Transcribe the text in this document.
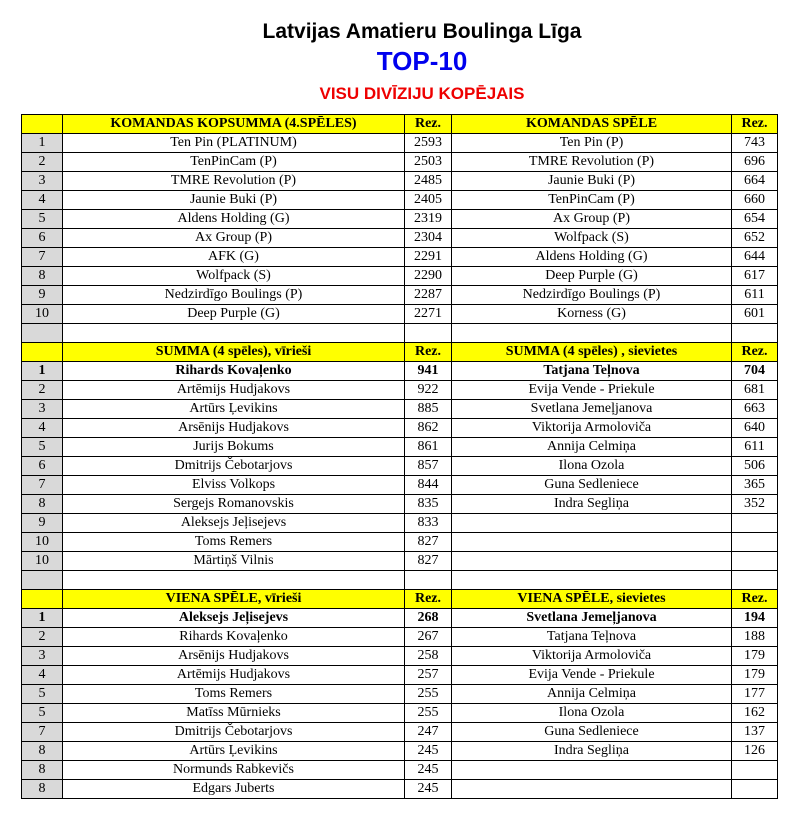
Latvijas Amatieru Boulinga Līga
TOP-10
VISU DIVĪZIJU KOPĒJAIS
	KOMANDAS KOPSUMMA (4.SPĒLES)	Rez.	KOMANDAS SPĒLE	Rez.
1	Ten Pin (PLATINUM)	2593	Ten Pin (P)	743
2	TenPinCam (P)	2503	TMRE Revolution (P)	696
3	TMRE Revolution (P)	2485	Jaunie Buki (P)	664
4	Jaunie Buki (P)	2405	TenPinCam (P)	660
5	Aldens Holding (G)	2319	Ax Group (P)	654
6	Ax Group (P)	2304	Wolfpack (S)	652
7	AFK (G)	2291	Aldens Holding (G)	644
8	Wolfpack (S)	2290	Deep Purple (G)	617
9	Nedzirdīgo Boulings (P)	2287	Nedzirdīgo Boulings (P)	611
10	Deep Purple (G)	2271	Korness (G)	601

	SUMMA (4 spēles), vīrieši	Rez.	SUMMA (4 spēles) , sievietes	Rez.
1	Rihards Kovaļenko	941	Tatjana Teļnova	704
2	Artēmijs Hudjakovs	922	Evija Vende - Priekule	681
3	Artūrs Ļevikins	885	Svetlana Jemeļjanova	663
4	Arsēnijs Hudjakovs	862	Viktorija Armoloviča	640
5	Jurijs Bokums	861	Annija Celmiņa	611
6	Dmitrijs Čebotarjovs	857	Ilona Ozola	506
7	Elviss Volkops	844	Guna Sedleniece	365
8	Sergejs Romanovskis	835	Indra Segliņa	352
9	Aleksejs Jeļisejevs	833		
10	Toms Remers	827		
10	Mārtiņš Vilnis	827		

	VIENA SPĒLE, vīrieši	Rez.	VIENA SPĒLE, sievietes	Rez.
1	Aleksejs Jeļisejevs	268	Svetlana Jemeļjanova	194
2	Rihards Kovaļenko	267	Tatjana Teļnova	188
3	Arsēnijs Hudjakovs	258	Viktorija Armoloviča	179
4	Artēmijs Hudjakovs	257	Evija Vende - Priekule	179
5	Toms Remers	255	Annija Celmiņa	177
5	Matīss Mūrnieks	255	Ilona Ozola	162
7	Dmitrijs Čebotarjovs	247	Guna Sedleniece	137
8	Artūrs Ļevikins	245	Indra Segliņa	126
8	Normunds Rabkevičs	245		
8	Edgars Juberts	245		
